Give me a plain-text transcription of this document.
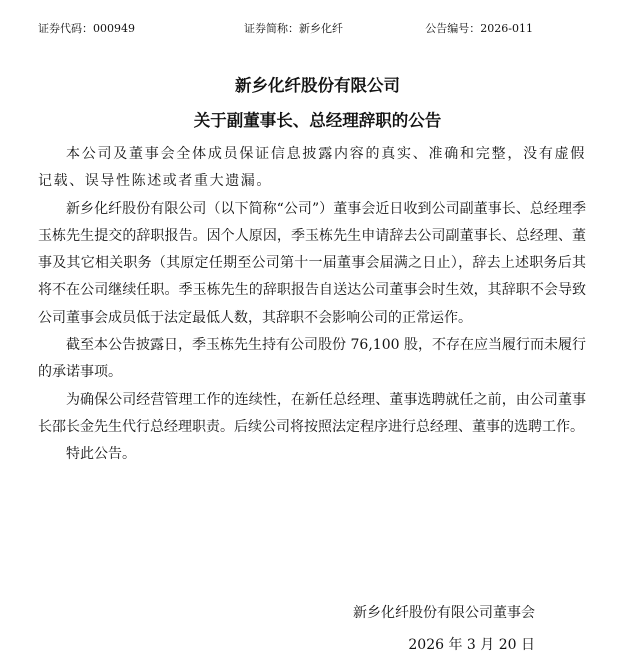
证券代码：000949	证券简称：新乡化纤	公告编号：2026-011
新乡化纤股份有限公司
关于副董事长、总经理辞职的公告

本公司及董事会全体成员保证信息披露内容的真实、准确和完整，没有虚假记载、误导性陈述或者重大遗漏。

新乡化纤股份有限公司（以下简称“公司”）董事会近日收到公司副董事长、总经理季玉栋先生提交的辞职报告。因个人原因，季玉栋先生申请辞去公司副董事长、总经理、董事及其它相关职务（其原定任期至公司第十一届董事会届满之日止），辞去上述职务后其将不在公司继续任职。季玉栋先生的辞职报告自送达公司董事会时生效，其辞职不会导致公司董事会成员低于法定最低人数，其辞职不会影响公司的正常运作。

截至本公告披露日，季玉栋先生持有公司股份 76,100 股，不存在应当履行而未履行的承诺事项。

为确保公司经营管理工作的连续性，在新任总经理、董事选聘就任之前，由公司董事长邵长金先生代行总经理职责。后续公司将按照法定程序进行总经理、董事的选聘工作。

特此公告。

新乡化纤股份有限公司董事会
2026 年 3 月 20 日
